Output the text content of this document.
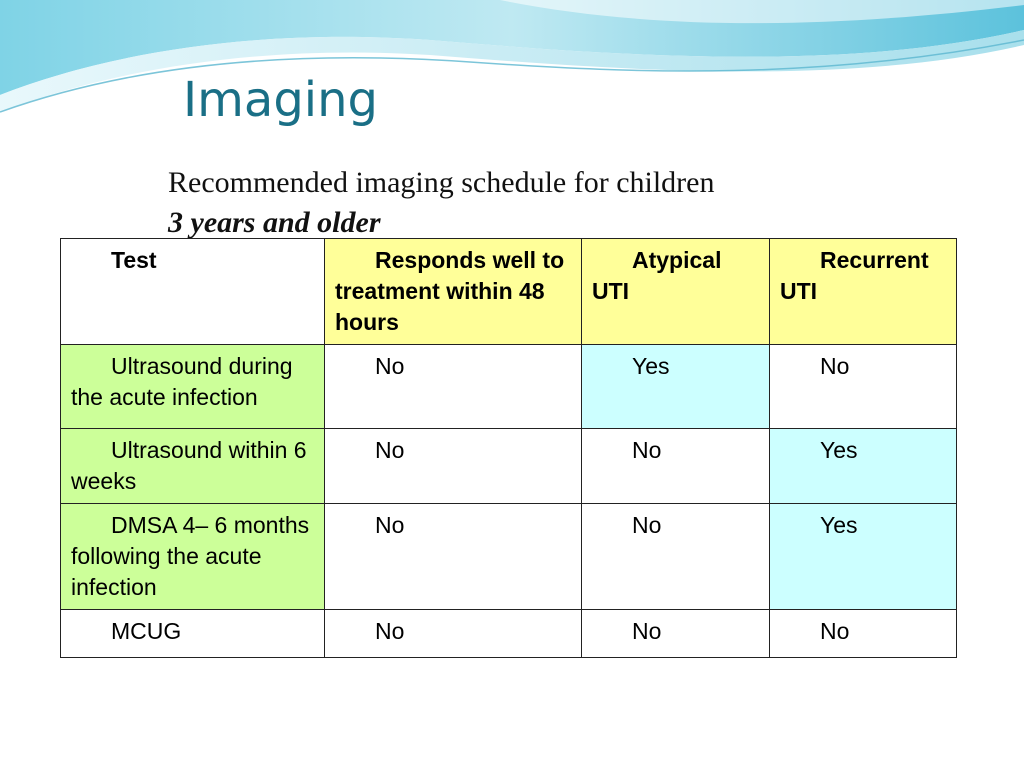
Imaging
Recommended imaging schedule for children
3 years and older
Test	Responds well to treatment within 48 hours	Atypical UTI	Recurrent UTI
Ultrasound during the acute infection	No	Yes	No
Ultrasound within 6 weeks	No	No	Yes
DMSA 4– 6 months following the acute infection	No	No	Yes
MCUG	No	No	No
